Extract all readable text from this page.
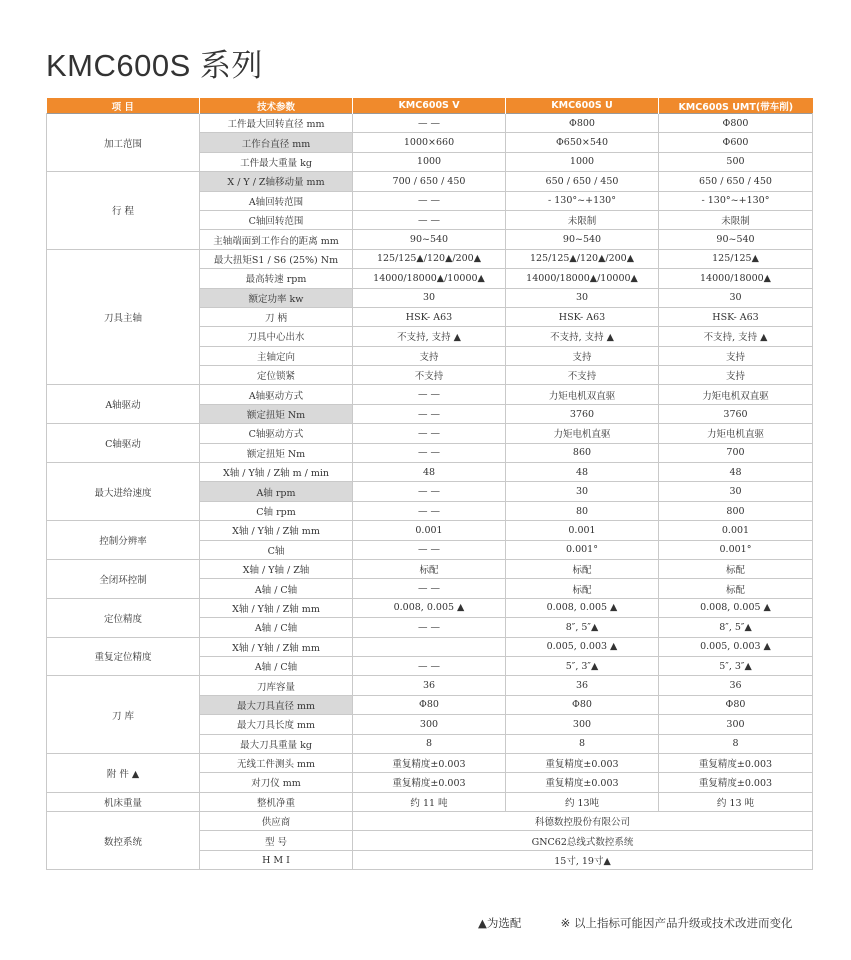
KMC600S 系列
项 目	技术参数	KMC600S V	KMC600S U	KMC600S UMT(带车削)
加工范围	工件最大回转直径 mm	— —	Φ800	Φ800
	工作台直径 mm	1000×660	Φ650×540	Φ600
	工件最大重量 kg	1000	1000	500
行 程	X / Y / Z轴移动量 mm	700 / 650 / 450	650 / 650 / 450	650 / 650 / 450
	A轴回转范围	— —	- 130°~+130°	- 130°~+130°
	C轴回转范围	— —	未限制	未限制
	主轴端面到工作台的距离 mm	90~540	90~540	90~540
刀具主轴	最大扭矩S1 / S6 (25%) Nm	125/125▲/120▲/200▲	125/125▲/120▲/200▲	125/125▲
	最高转速 rpm	14000/18000▲/10000▲	14000/18000▲/10000▲	14000/18000▲
	额定功率 kw	30	30	30
	刀 柄	HSK- A63	HSK- A63	HSK- A63
	刀具中心出水	不支持, 支持 ▲	不支持, 支持 ▲	不支持, 支持 ▲
	主轴定向	支持	支持	支持
	定位锁紧	不支持	不支持	支持
A轴驱动	A轴驱动方式	— —	力矩电机双直驱	力矩电机双直驱
	额定扭矩 Nm	— —	3760	3760
C轴驱动	C轴驱动方式	— —	力矩电机直驱	力矩电机直驱
	额定扭矩 Nm	— —	860	700
最大进给速度	X轴 / Y轴 / Z轴 m / min	48	48	48
	A轴 rpm	— —	30	30
	C轴 rpm	— —	80	800
控制分辨率	X轴 / Y轴 / Z轴 mm	0.001	0.001	0.001
	C轴	— —	0.001°	0.001°
全闭环控制	X轴 / Y轴 / Z轴	标配	标配	标配
	A轴 / C轴	— —	标配	标配
定位精度	X轴 / Y轴 / Z轴 mm	0.008, 0.005 ▲	0.008, 0.005 ▲	0.008, 0.005 ▲
	A轴 / C轴	— —	8″, 5″▲	8″, 5″▲
重复定位精度	X轴 / Y轴 / Z轴 mm		0.005, 0.003 ▲	0.005, 0.003 ▲
	A轴 / C轴	— —	5″, 3″▲	5″, 3″▲
刀 库	刀库容量	36	36	36
	最大刀具直径 mm	Φ80	Φ80	Φ80
	最大刀具长度 mm	300	300	300
	最大刀具重量 kg	8	8	8
附 件 ▲	无线工件测头 mm	重复精度±0.003	重复精度±0.003	重复精度±0.003
	对刀仪 mm	重复精度±0.003	重复精度±0.003	重复精度±0.003
机床重量	整机净重	约 11 吨	约 13吨	约 13 吨
数控系统	供应商	科德数控股份有限公司		
	型 号	GNC62总线式数控系统		
	H M I	15寸, 19寸▲		
▲为选配	※ 以上指标可能因产品升级或技术改进而变化
